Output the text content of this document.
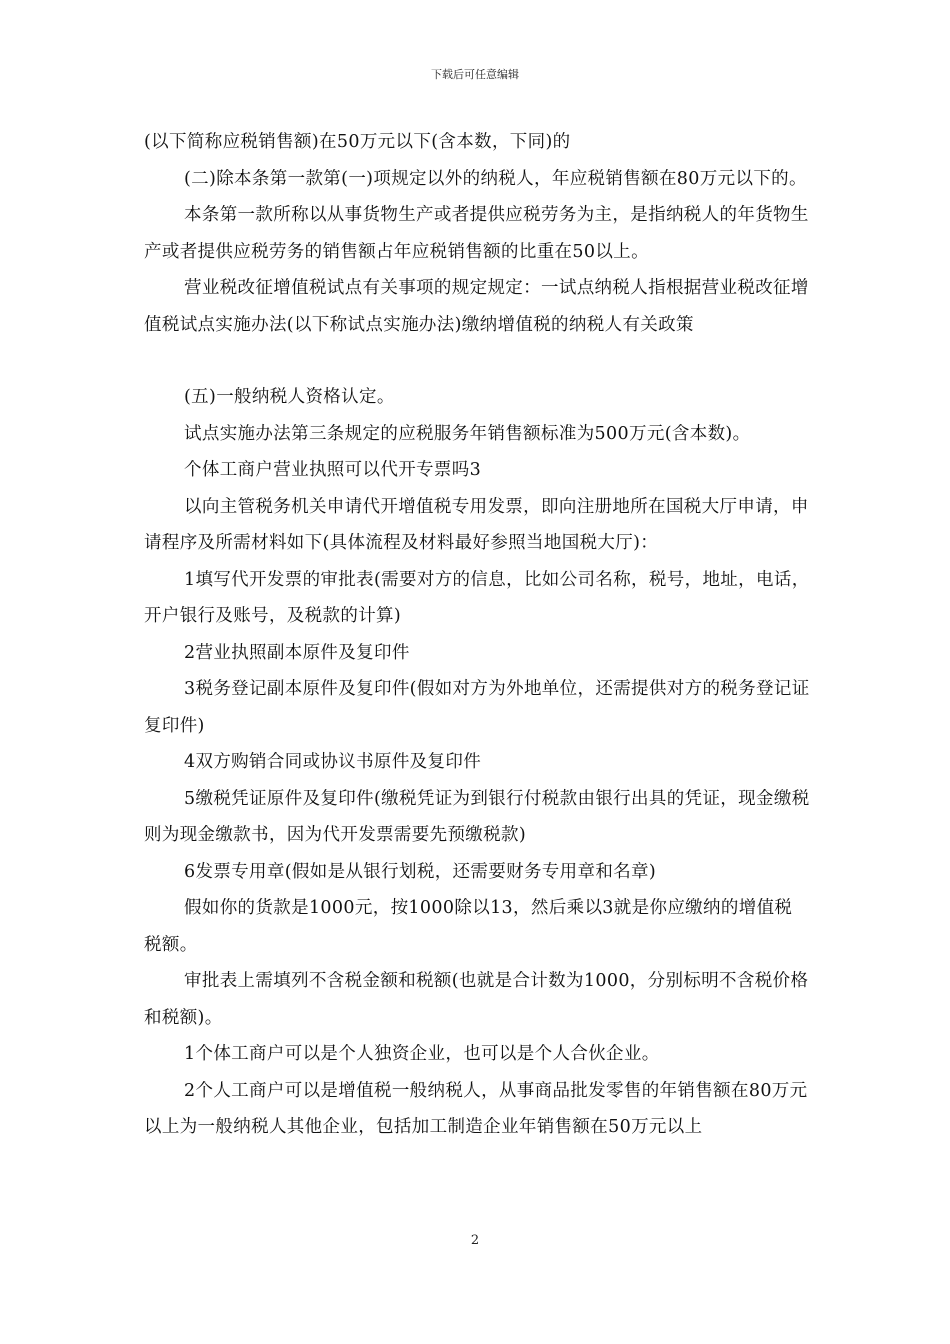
下载后可任意编辑

(以下简称应税销售额)在50万元以下(含本数，下同)的

(二)除本条第一款第(一)项规定以外的纳税人，年应税销售额在80万元以下的。

本条第一款所称以从事货物生产或者提供应税劳务为主，是指纳税人的年货物生产或者提供应税劳务的销售额占年应税销售额的比重在50以上。

营业税改征增值税试点有关事项的规定规定：一试点纳税人指根据营业税改征增值税试点实施办法(以下称试点实施办法)缴纳增值税的纳税人有关政策

(五)一般纳税人资格认定。

试点实施办法第三条规定的应税服务年销售额标准为500万元(含本数)。

个体工商户营业执照可以代开专票吗3

以向主管税务机关申请代开增值税专用发票，即向注册地所在国税大厅申请，申请程序及所需材料如下(具体流程及材料最好参照当地国税大厅)：

1填写代开发票的审批表(需要对方的信息，比如公司名称，税号，地址，电话，开户银行及账号，及税款的计算)

2营业执照副本原件及复印件

3税务登记副本原件及复印件(假如对方为外地单位，还需提供对方的税务登记证复印件)

4双方购销合同或协议书原件及复印件

5缴税凭证原件及复印件(缴税凭证为到银行付税款由银行出具的凭证，现金缴税则为现金缴款书，因为代开发票需要先预缴税款)

6发票专用章(假如是从银行划税，还需要财务专用章和名章)

假如你的货款是1000元，按1000除以13，然后乘以3就是你应缴纳的增值税税额。

审批表上需填列不含税金额和税额(也就是合计数为1000，分别标明不含税价格和税额)。

1个体工商户可以是个人独资企业，也可以是个人合伙企业。

2个人工商户可以是增值税一般纳税人，从事商品批发零售的年销售额在80万元以上为一般纳税人其他企业，包括加工制造企业年销售额在50万元以上

2
